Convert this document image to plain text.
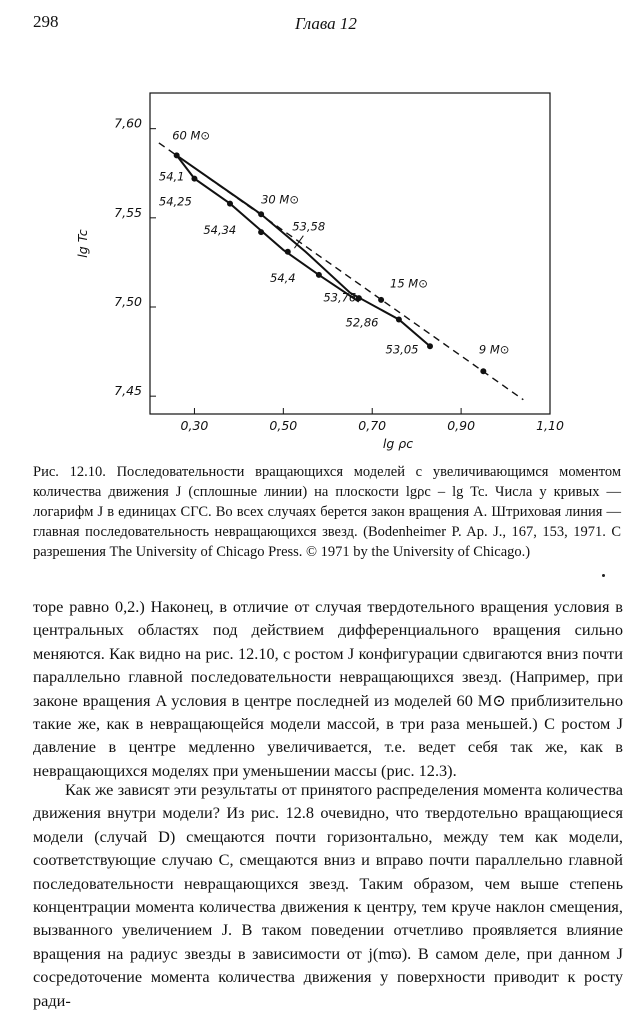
298	Глава 12
0,30	0,50	0,70	0,90	1,10
7,60
7,55
7,50
7,45
lg ρc
lg Tc
60 M⊙
54,1
54,25	30 M⊙
54,34	53,58
54,4	15 M⊙
53,76
52,86
53,05	9 M⊙
Рис. 12.10. Последовательности вращающихся моделей с увеличивающимся моментом количества движения J (сплошные линии) на плоскости lgρc – lg Tc. Числа у кривых — логарифм J в единицах СГС. Во всех случаях берется закон вращения A. Штриховая линия — главная последовательность невращающихся звезд. (Bodenheimer P. Ap. J., 167, 153, 1971. С разрешения The University of Chicago Press. © 1971 by the University of Chicago.)
торе равно 0,2.) Наконец, в отличие от случая твердотельного вращения условия в центральных областях под действием дифференциального вращения сильно меняются. Как видно на рис. 12.10, с ростом J конфигурации сдвигаются вниз почти параллельно главной последовательности невращающихся звезд. (Например, при законе вращения A условия в центре последней из моделей 60 M⊙ приблизительно такие же, как в невращающейся модели массой, в три раза меньшей.) С ростом J давление в центре медленно увеличивается, т.е. ведет себя так же, как в невращающихся моделях при уменьшении массы (рис. 12.3).
Как же зависят эти результаты от принятого распределения момента количества движения внутри модели? Из рис. 12.8 очевидно, что твердотельно вращающиеся модели (случай D) смещаются почти горизонтально, между тем как модели, соответствующие случаю C, смещаются вниз и вправо почти параллельно главной последовательности невращающихся звезд. Таким образом, чем выше степень концентрации момента количества движения к центру, тем круче наклон смещения, вызванного увеличением J. В таком поведении отчетливо проявляется влияние вращения на радиус звезды в зависимости от j(mϖ). В самом деле, при данном J сосредоточение момента количества движения у поверхности приводит к росту ради-
